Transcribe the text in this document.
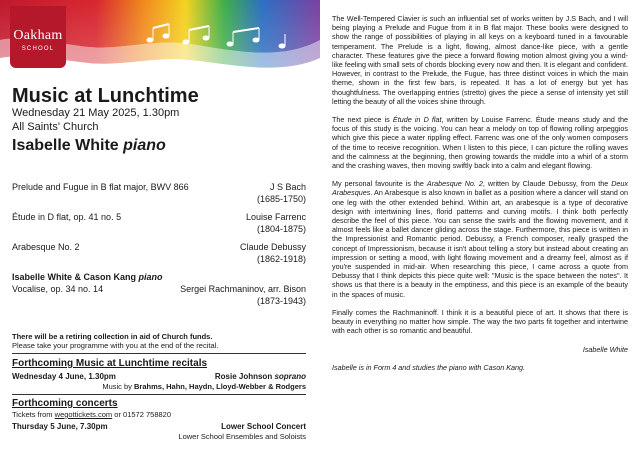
Oakham
SCHOOL
Music at Lunchtime
Wednesday 21 May 2025, 1.30pm
All Saints' Church
Isabelle White piano
Prelude and Fugue in B flat major, BWV 866	J S Bach
(1685-1750)
Étude in D flat, op. 41 no. 5	Louise Farrenc
(1804-1875)
Arabesque No. 2	Claude Debussy
(1862-1918)
Isabelle White & Cason Kang piano
Vocalise, op. 34 no. 14	Sergei Rachmaninov, arr. Bison
(1873-1943)
There will be a retiring collection in aid of Church funds.
Please take your programme with you at the end of the recital.
Forthcoming Music at Lunchtime recitals
Wednesday 4 June, 1.30pm	Rosie Johnson soprano
Music by Brahms, Hahn, Haydn, Lloyd-Webber & Rodgers
Forthcoming concerts
Tickets from wegottickets.com or 01572 758820
Thursday 5 June, 7.30pm	Lower School Concert
Lower School Ensembles and Soloists

The Well-Tempered Clavier is such an influential set of works written by J.S Bach, and I will being playing a Prelude and Fugue from it in B flat major. These books were designed to show the range of possibilities of playing in all keys on a keyboard tuned in a favourable temperament. The Prelude is a light, flowing, almost dance-like piece, with a gentle character. These features give the piece a forward flowing motion almost giving you a wind-like feeling with small sets of chords blocking every now and then. It is elegant and confident. However, in contrast to the Prelude, the Fugue, has three distinct voices in which the main theme, shown in the first few bars, is repeated. It has a lot of energy but yet has thoughtfulness. The overlapping entries (stretto) gives the piece a sense of intensity yet still letting the beauty of all the voices shine through.

The next piece is Étude in D flat, written by Louise Farrenc. Étude means study and the focus of this study is the voicing. You can hear a melody on top of flowing rolling arpeggios which give this piece a water rippling effect. Farrenc was one of the only women composers of the time to receive recognition. When I listen to this piece, I can picture the rolling waves and the calmness at the beginning, then growing towards the middle into a whirl of a storm and the crashing waves, then moving swiftly back into a calm and elegant flowing.

My personal favourite is the Arabesque No. 2, written by Claude Debussy, from the Deux Arabesques. An Arabesque is also known in ballet as a position where a dancer will stand on one leg with the other extended behind. Within art, an arabesque is a type of decorative design with intertwining lines, florid patterns and curving motifs. I think both perfectly describe the feel of this piece. You can sense the swirls and the flowing movement, and it almost feels like a ballet dancer gliding across the stage. Furthermore, this piece is written in the Impressionist and Romantic period. Debussy, a French composer, really grasped the concept of Impressionism, because it isn't about telling a story but instead about creating an impression or setting a mood, with light flowing movement and a dreamy feel, almost as if you're suspended in mid-air. When researching this piece, I came across a quote from Debussy that I think depicts this piece quite well: "Music is the space between the notes". It shows us that there is a beauty in the emptiness, and this piece is an example of the beauty in the spaces of music.

Finally comes the Rachmaninoff. I think it is a beautiful piece of art. It shows that there is beauty in everything no matter how simple. The way the two parts fit together and intertwine with each other is so romantic and beautiful.

Isabelle White

Isabelle is in Form 4 and studies the piano with Cason Kang.
